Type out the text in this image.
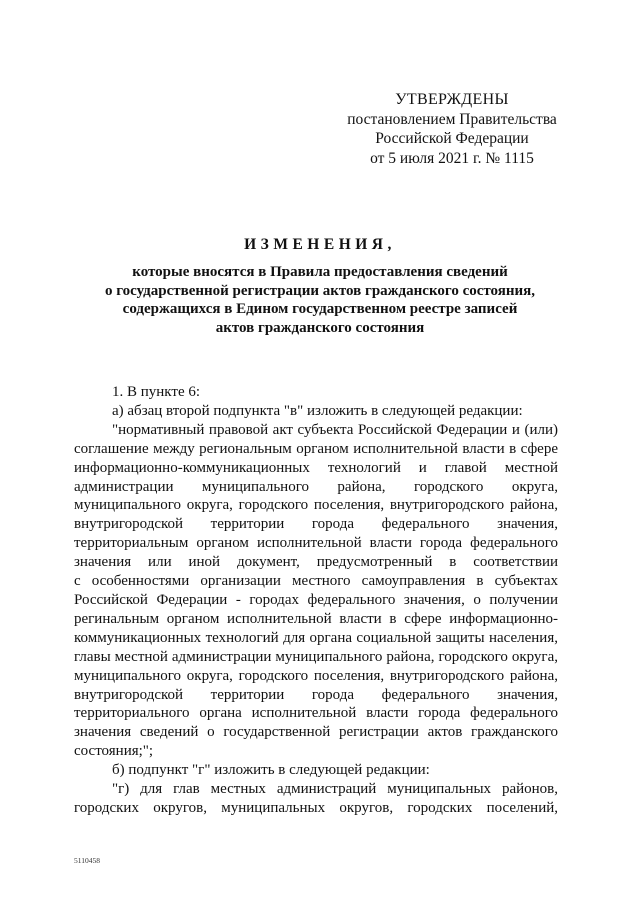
УТВЕРЖДЕНЫ
постановлением Правительства
Российской Федерации
от 5 июля 2021 г. № 1115
ИЗМЕНЕНИЯ,
которые вносятся в Правила предоставления сведений
о государственной регистрации актов гражданского состояния,
содержащихся в Едином государственном реестре записей
актов гражданского состояния
1. В пункте 6:
а) абзац второй подпункта "в" изложить в следующей редакции:
"нормативный правовой акт субъекта Российской Федерации и (или)
соглашение между региональным органом исполнительной власти в сфере
информационно-коммуникационных технологий и главой местной
администрации муниципального района, городского округа,
муниципального округа, городского поселения, внутригородского района,
внутригородской территории города федерального значения,
территориальным органом исполнительной власти города федерального
значения или иной документ, предусмотренный в соответствии
с особенностями организации местного самоуправления в субъектах
Российской Федерации - городах федерального значения, о получении
регинальным органом исполнительной власти в сфере информационно-
коммуникационных технологий для органа социальной защиты населения,
главы местной администрации муниципального района, городского округа,
муниципального округа, городского поселения, внутригородского района,
внутригородской территории города федерального значения,
территориального органа исполнительной власти города федерального
значения сведений о государственной регистрации актов гражданского
состояния;";
б) подпункт "г" изложить в следующей редакции:
"г) для глав местных администраций муниципальных районов,
городских округов, муниципальных округов, городских поселений,
5110458
